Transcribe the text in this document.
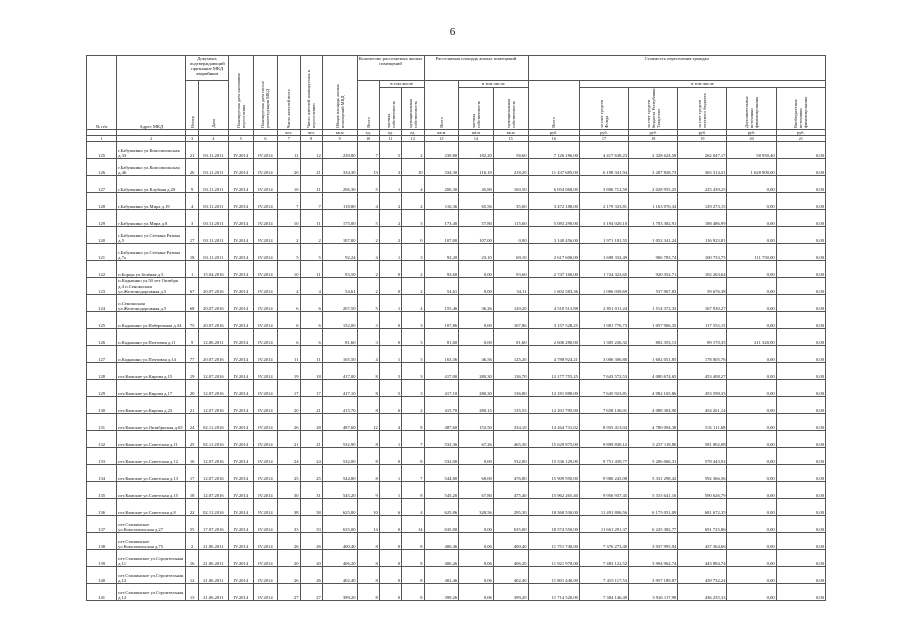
6
№ п/п	Адрес МКД	Документ, подтверждающий признание МКД аварийным		Планируемая дата окончания переселения	Планируемая дата сноса/реконструкции МКД	Число жителей всего	Число жителей планируемых к переселению	Общая площадь жилых помещений МКД	Количество расселяемых жилых помещений			Расселяемая площадь жилых помещений			Стоимость переселения граждан					
		Номер	Дата						Всего	в том числе		Всего	в том числе		Всего	в том числе				
										частная собственность	муниципальная собственность		частная собственность	муниципальная собственность		за счет средств Фонда	за счет средств бюджета Республики Татарстан	за счет средств местного бюджета	Дополнительные источники финансирования	Внебюджетные источники финансирования
						чел.	чел.	кв.м	ед.	ед.	ед.	кв.м	кв.м	кв.м	руб.	руб.	руб.	руб.	руб.	руб.
1	2	3	4	5	6	7	8	9	10	11	12	13	14	15	16	17	18	19	20	21
125	г.Бабушкино ул.Комсомольская д.33	21	03.11.2011	IV.2014	IV.2014	11	12	239,80	7	5	2	239,80	182,20	58,60	7 126 186,00	4 417 638,23	2 328 624,58	262 047,17	58 950,40	0,00
126	г.Бабушкино ул.Комсомольская д.46	26	03.11.2011	IV.2014	IV.2014	20	21	334,30	13	3	10	334,30	116,10	218,20	11 437 685,00	6 198 341,94	3 287 828,73	365 314,31	1 628 900,00	0,00
127	г.Бабушкино ул.Клубная д.29	9	03.11.2011	IV.2014	IV.2014	10	11	206,30	5	1	4	206,30	45,80	160,50	6 054 068,00	3 806 712,50	2 028 955,25	225 439,25	0,00	0,00
128	г.Бабушкино ул.Мира д.19	4	03.11.2011	IV.2014	IV.2014	7	7	118,80	4	2	2	116,36	65,56	35,00	3 472 188,00	2 179 333,81	1 163 076,34	129 273,15	0,00	0,00
129	г.Бабушкино ул.Мира д.8	3	03.11.2011	IV.2014	IV.2014	10	11	175,00	5	2	3	173,40	57,80	115,60	5 083 290,00	3 194 020,10	1 703 382,91	188 486,99	0,00	0,00
120	г.Бабушкино ул.Степана Разина д.5	17	03.11.2011	IV.2014	IV.2014	2	2	107,00	2	2	0	107,00	107,00	0,00	3 140 456,00	1 971 181,55	1 052 341,24	116 923,81	0,00	0,00
121	г.Бабушкино ул.Степана Разина д.7а	18	03.11.2011	IV.2014	IV.2014	5	5	92,24	4	1	3	92,20	23,10	69,10	2 617 600,00	1 698 332,49	906 783,74	100 733,75	111 750,00	0,00
122	п.Борцы ул.Зелёная д.5	1	15.04.2016	IV.2014	IV.2014	10	11	93,50	2	0	2	93,60	0,00	93,60	2 747 160,00	1 724 323,65	920 352,71	102 263,64	0,00	0,00
123	п.Кадыкино ул.50 лет Октября д.4 п.Сенокосная ул.Железнодорожная д.5	67	20.07.2016	IV.2014	IV.2014	4	4	54,61	2	0	2	54,61	0,00	34,11	1 602 583,36	1 006 039,69	537 067,83	59 676,38	0,00	0,00
124	п.Сенокосная ул.Железнодорожная д.5	68	20.07.2016	IV.2014	IV.2014	6	6	207,50	5	1	4	155,46	36,26	120,20	4 510 513,88	2 851 011,24	1 514 372,33	167 930,27	0,00	0,00
125	п.Кадыкино ул.Набережная д.34	75	20.07.2016	IV.2014	IV.2014	6	6	152,00	3	0	3	107,86	0,00	107,86	3 157 528,25	1 981 776,73	1 057 906,35	117 553,15	0,00	0,00
126	п.Кадыкино ул.Почтовая д.11	9	12.06.2011	IV.2014	IV.2014	6	6	81,60	3	0	3	81,60	0,00	81,60	2 606 280,00	1 305 236,32	802 353,13	89 170,35	211 320,00	0,00
127	п.Кадыкино ул.Почтовая д.14	77	20.07.2016	IV.2014	IV.2014	11	11	165,50	4	1	3	163,36	46,56	125,20	4 788 924,21	3 006 306,80	1 602 051,85	178 005,76	0,00	0,00
128	пгт.Камские ул.Кирова д.15	19	12.07.2016	IV.2014	IV.2014	19	18	417,00	8	5	3	417,00	280,30	136,70	12 177 755,25	7 643 572,53	4 080 674,65	453 408,27	0,00	0,00
129	пгт.Камские ул.Кирова д.17	20	12.07.2016	IV.2014	IV.2014	17	17	417,10	8	5	3	417,10	280,30	136,80	12 181 888,00	7 645 923,81	4 082 165,86	453 598,33	0,00	0,00
130	пгт.Камские ул.Кирова д.23	21	12.07.2016	IV.2014	IV.2014	20	21	415,70	8	6	2	415,70	280,15	135,55	12 201 795,00	7 658 136,01	4 088 304,90	454 261,14	0,00	0,00
131	пгт.Камские ул.Октябрьская д.65	24	02.11.2016	IV.2014	IV.2014	26	28	487,60	12	4	8	487,60	153,50	334,10	14 264 731,02	8 955 413,04	4 780 094,38	531 111,68	0,00	0,00
132	пгт.Камские ул.Советская д.11	25	02.11.2016	IV.2014	IV.2014	21	21	532,90	8	1	7	532,36	67,26	465,30	15 629 875,00	9 809 830,12	5 237 118,80	581 902,08	0,00	0,00
133	пгт.Камские ул.Советская д.12	16	12.07.2016	IV.2014	IV.2014	24	24	532,00	8	0	8	532,00	0,00	532,00	15 536 129,00	9 751 439,77	5 206 066,31	578 443,92	0,00	0,00
134	пгт.Камские ул.Советская д.13	17	12.07.2016	IV.2014	IV.2014	25	25	544,80	8	1	7	544,80	68,00	476,80	15 909 950,00	9 986 243,08	5 331 298,42	592 366,56	0,00	0,00
135	пгт.Камские ул.Советская д.15	18	12.07.2016	IV.2014	IV.2014	30	31	545,20	9	1	8	545,20	67,80	475,40	15 962 265,40	9 956 937,45	5 315 641,16	590 626,79	0,00	0,00
136	пгт.Камские ул.Советская д.8	22	02.11.2016	IV.2014	IV.2014	38	38	625,80	10	6	4	625,86	328,56	295,30	18 368 530,00	11 491 806,56	6 175 051,09	681 672,35	0,00	0,00
137	пгт.Сташинское ул.Комсомольская д.27	55	17.07.2016	IV.2014	IV.2014	33	33	635,00	14	0	14	635,00	0,00	635,00	18 574 550,00	11 661 291,37	6 225 382,77	691 725,86	0,00	0,00
138	пгт.Сташинское ул.Комсомольская д.75	2	21.06.2011	IV.2014	IV.2014	26	26	400,40	8	0	8	400,46	0,06	400,40	11 751 740,00	7 376 273,40	3 937 995,94	437 364,66	0,00	0,00
139	пгт.Сташинское ул.Строительная д.11	16	21.06.2011	IV.2014	IV.2014	20	20	406,20	8	0	8	406,26	0,06	406,20	11 921 970,00	7 483 122,52	3 994 962,74	443 884,74	0,00	0,00
140	пгт.Сташинское ул.Строительная д.12	12	21.06.2011	IV.2014	IV.2014	26	26	402,40	8	0	8	402,46	0,06	402,40	11 801 440,00	7 415 117,53	3 957 189,87	439 732,24	0,00	0,00
141	пгт.Сташинское ул.Строительная д.12	13	21.06.2011	IV.2014	IV.2014	27	27	399,20	8	0	8	399,26	0,06	399,20	11 714 520,00	7 384 146,49	3 926 117,98	436 255,33	0,00	0,00
